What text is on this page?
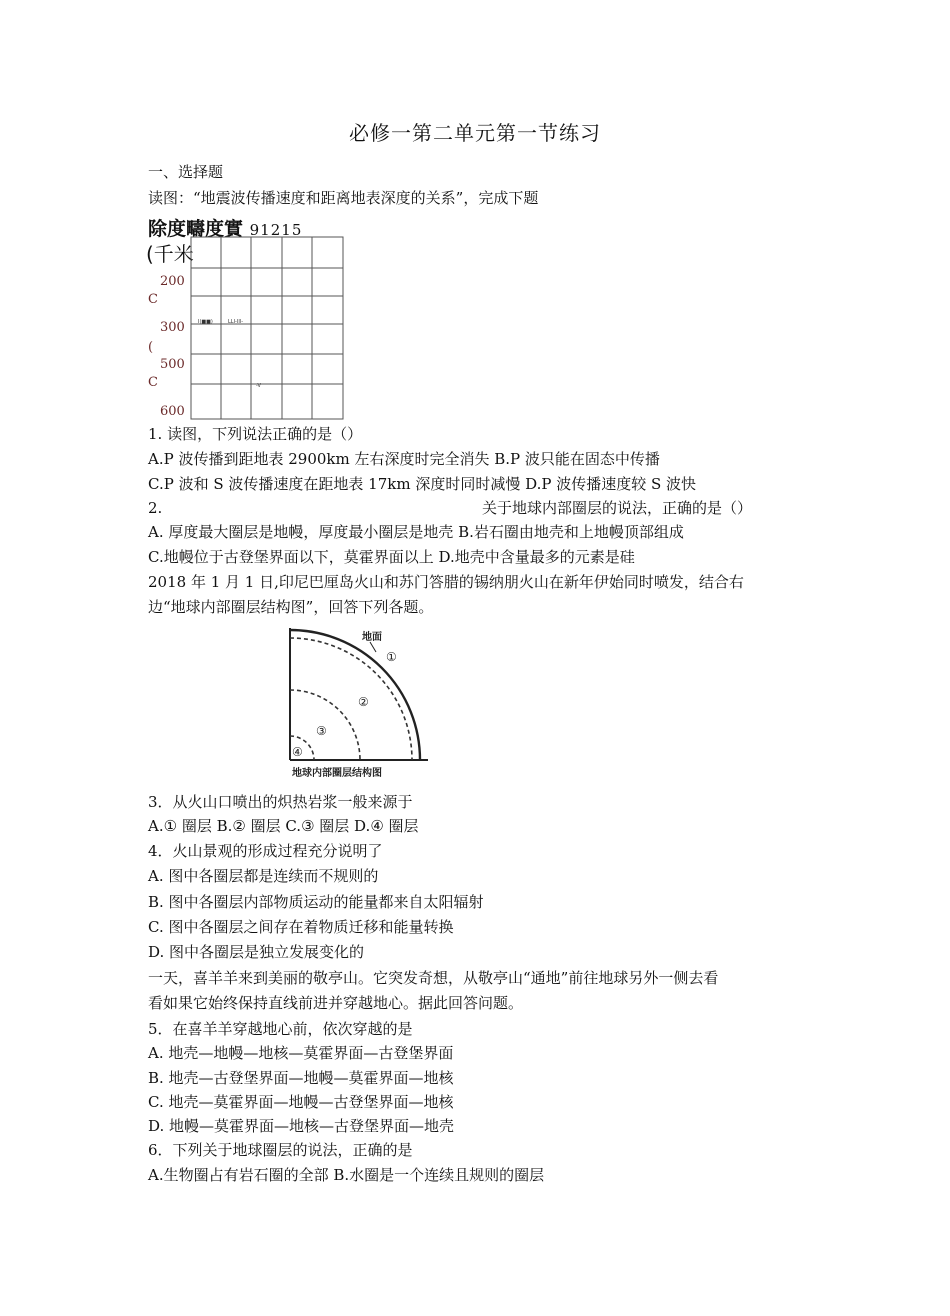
必修一第二单元第一节练习
一、选择题
读图：“地震波传播速度和距离地表深度的关系”，完成下题
除度疇度實 91215
(千米
I(■■)	LLI-III-
-V
200
C
300
(
500
C
600
1. 读图，下列说法正确的是（）
A.P 波传播到距地表 2900km 左右深度时完全消失 B.P 波只能在固态中传播
C.P 波和 S 波传播速度在距地表 17km 深度时同时减慢 D.P 波传播速度较 S 波快
2.	关于地球内部圈层的说法，正确的是（）
A. 厚度最大圈层是地幔，厚度最小圈层是地壳 B.岩石圈由地壳和上地幔顶部组成
C.地幔位于古登堡界面以下，莫霍界面以上 D.地壳中含量最多的元素是硅
2018 年 1 月 1 日,印尼巴厘岛火山和苏门答腊的锡纳朋火山在新年伊始同时喷发，结合右
边“地球内部圈层结构图”，回答下列各题。
地面
①
②
③
④
地球内部圈层结构图
3．从火山口喷出的炽热岩浆一般来源于
A.① 圈层 B.② 圈层 C.③ 圈层 D.④ 圈层
4．火山景观的形成过程充分说明了
A. 图中各圈层都是连续而不规则的
B. 图中各圈层内部物质运动的能量都来自太阳辐射
C. 图中各圈层之间存在着物质迁移和能量转换
D. 图中各圈层是独立发展变化的
一天，喜羊羊来到美丽的敬亭山。它突发奇想，从敬亭山“通地”前往地球另外一侧去看
看如果它始终保持直线前进并穿越地心。据此回答问题。
5．在喜羊羊穿越地心前，依次穿越的是
A. 地壳—地幔—地核—莫霍界面—古登堡界面
B. 地壳—古登堡界面—地幔—莫霍界面—地核
C. 地壳—莫霍界面—地幔—古登堡界面—地核
D. 地幔—莫霍界面—地核—古登堡界面—地壳
6．下列关于地球圈层的说法，正确的是
A.生物圈占有岩石圈的全部 B.水圈是一个连续且规则的圈层
